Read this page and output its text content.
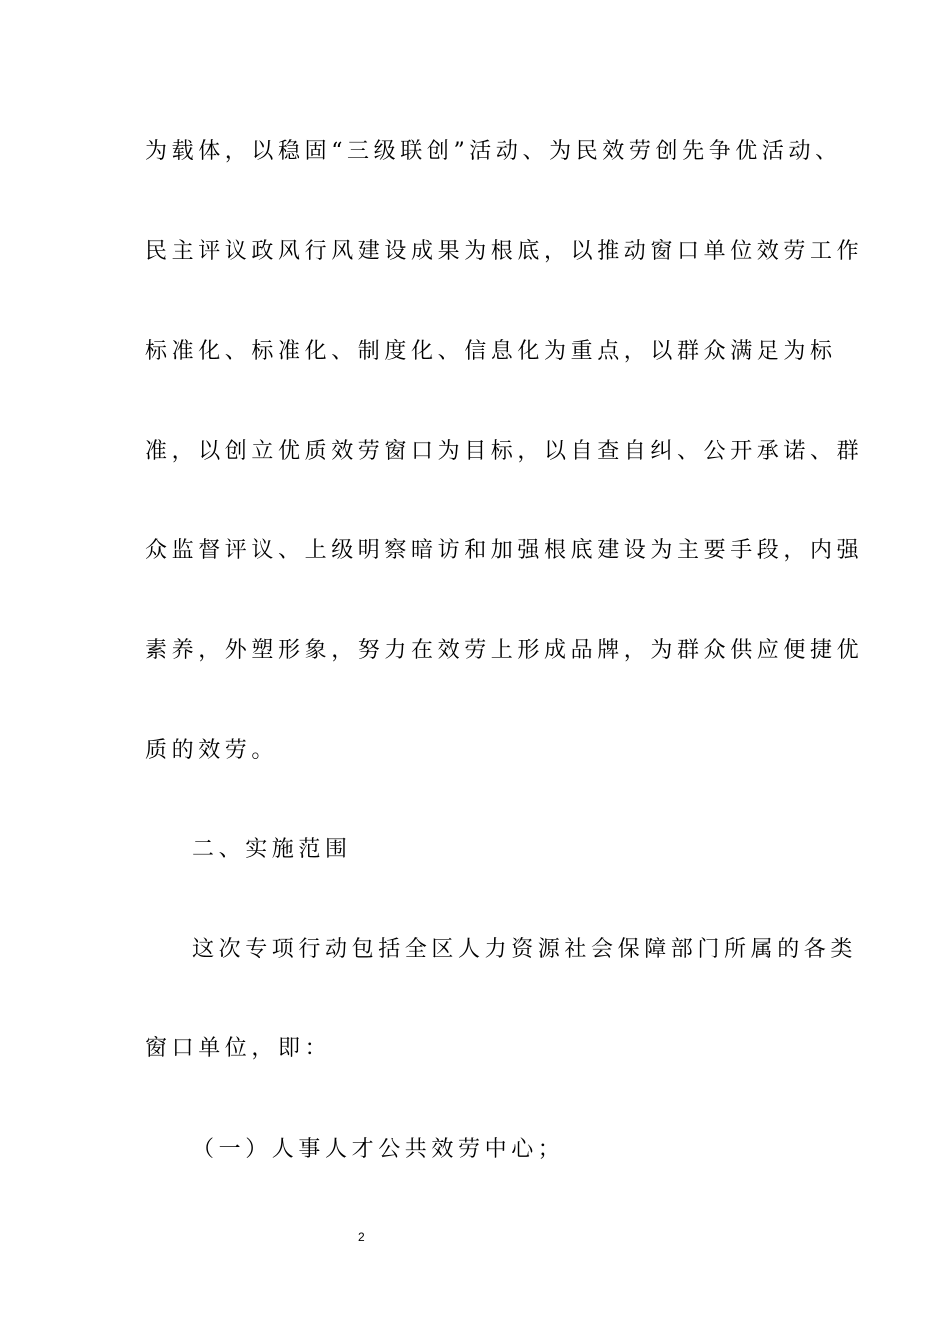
为载体，以稳固“三级联创”活动、为民效劳创先争优活动、
民主评议政风行风建设成果为根底，以推动窗口单位效劳工作
标准化、标准化、制度化、信息化为重点，以群众满足为标
准，以创立优质效劳窗口为目标，以自查自纠、公开承诺、群
众监督评议、上级明察暗访和加强根底建设为主要手段，内强
素养，外塑形象，努力在效劳上形成品牌，为群众供应便捷优
质的效劳。
二、实施范围
这次专项行动包括全区人力资源社会保障部门所属的各类
窗口单位，即：
（一）人事人才公共效劳中心；
2
